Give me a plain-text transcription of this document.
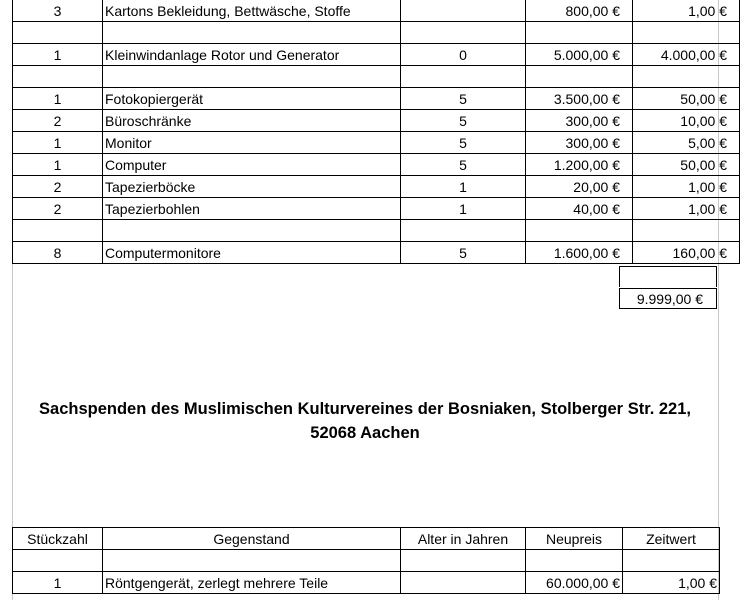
3	Kartons Bekleidung, Bettwäsche, Stoffe		800,00 €	1,00 €

1	Kleinwindanlage Rotor und Generator	0	5.000,00 €	4.000,00 €

1	Fotokopiergerät	5	3.500,00 €	50,00 €
2	Büroschränke	5	300,00 €	10,00 €
1	Monitor	5	300,00 €	5,00 €
1	Computer	5	1.200,00 €	50,00 €
2	Tapezierböcke	1	20,00 €	1,00 €
2	Tapezierbohlen	1	40,00 €	1,00 €

8	Computermonitore	5	1.600,00 €	160,00 €
9.999,00 €
Sachspenden des Muslimischen Kulturvereines der Bosniaken, Stolberger Str. 221,
52068 Aachen
Stückzahl	Gegenstand	Alter in Jahren	Neupreis	Zeitwert

1	Röntgengerät, zerlegt mehrere Teile		60.000,00 €	1,00 €
